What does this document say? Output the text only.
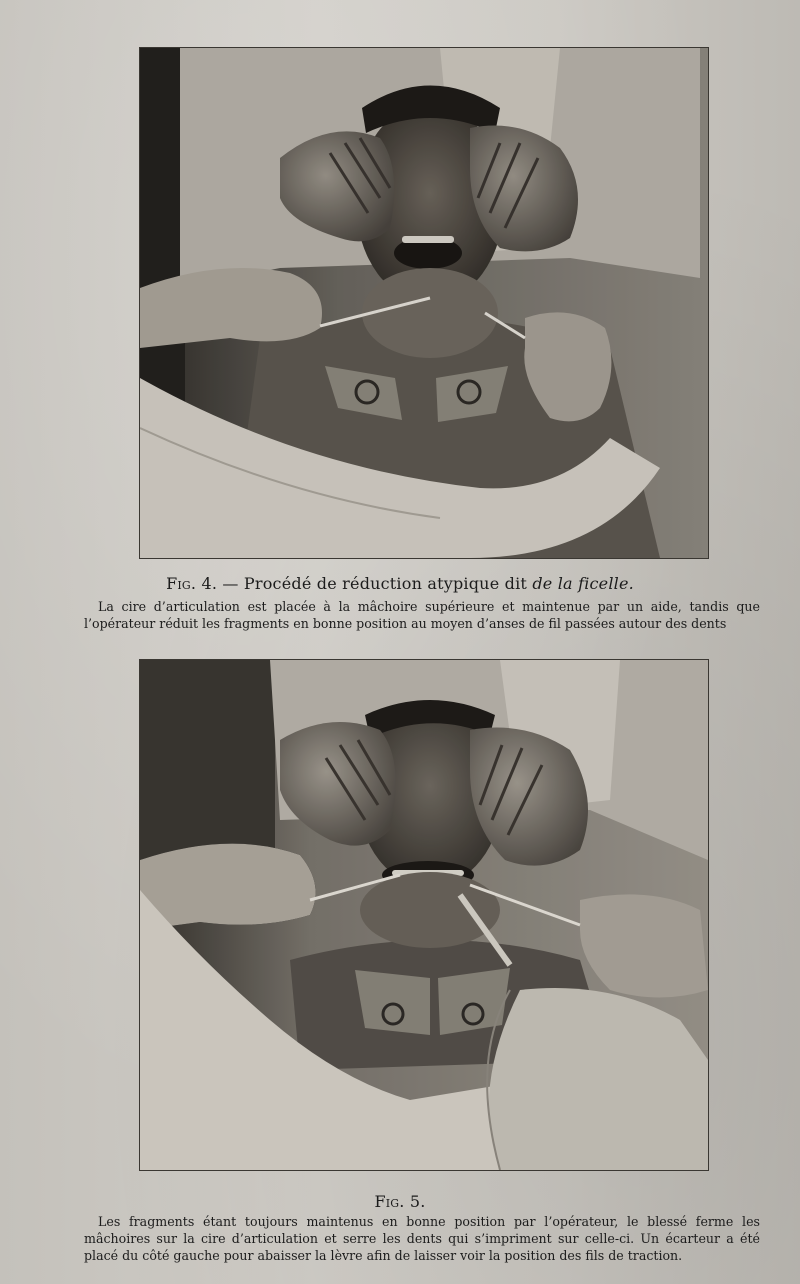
Fig. 4. — Procédé de réduction atypique dit de la ficelle.
La cire d’articulation est placée à la mâchoire supérieure et maintenue par un aide, tandis que l’opérateur réduit les fragments en bonne position au moyen d’anses de fil passées autour des dents
Fig. 5.
Les fragments étant toujours maintenus en bonne position par l’opérateur, le blessé ferme les mâchoires sur la cire d’articulation et serre les dents qui s’impriment sur celle-ci. Un écarteur a été placé du côté gauche pour abaisser la lèvre afin de laisser voir la position des fils de traction.
